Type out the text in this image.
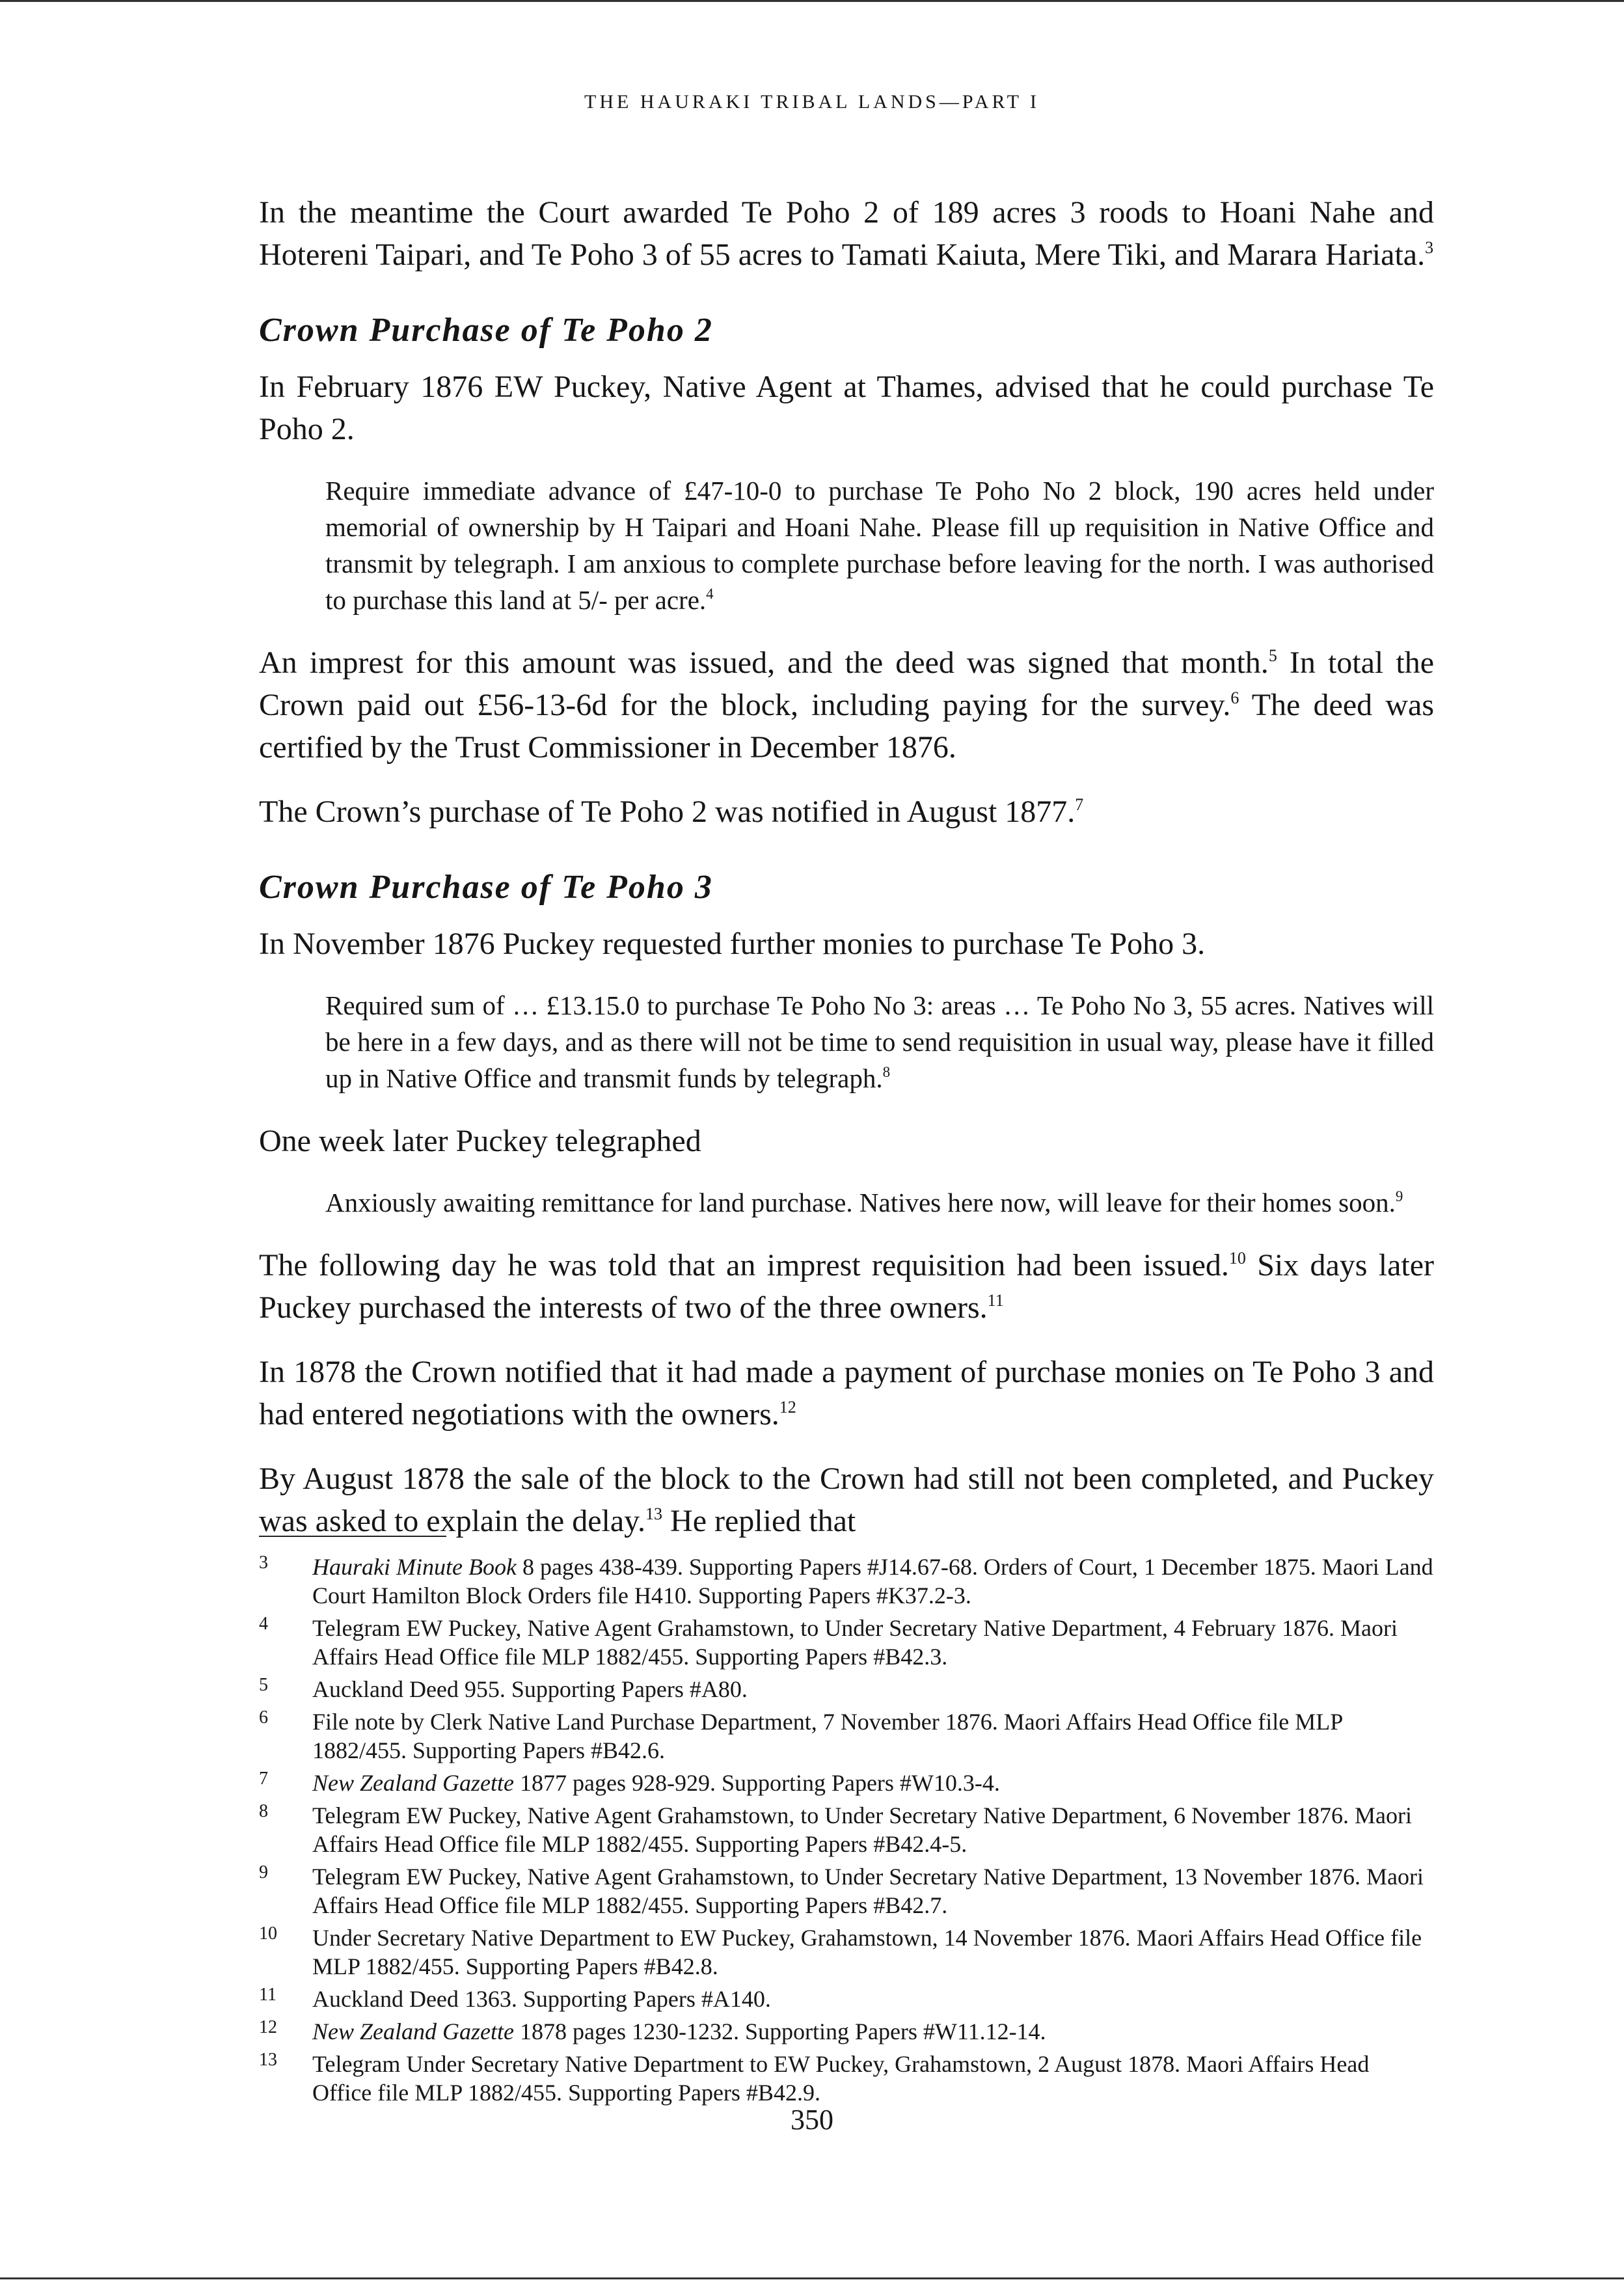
THE HAURAKI TRIBAL LANDS—PART I

In the meantime the Court awarded Te Poho 2 of 189 acres 3 roods to Hoani Nahe and Hotereni Taipari, and Te Poho 3 of 55 acres to Tamati Kaiuta, Mere Tiki, and Marara Hariata.$^3$

Crown Purchase of Te Poho 2

In February 1876 EW Puckey, Native Agent at Thames, advised that he could purchase Te Poho 2.

Require immediate advance of £47-10-0 to purchase Te Poho No 2 block, 190 acres held under memorial of ownership by H Taipari and Hoani Nahe. Please fill up requisition in Native Office and transmit by telegraph. I am anxious to complete purchase before leaving for the north. I was authorised to purchase this land at 5/- per acre.$^4$

An imprest for this amount was issued, and the deed was signed that month.$^5$ In total the Crown paid out £56-13-6d for the block, including paying for the survey.$^6$ The deed was certified by the Trust Commissioner in December 1876.

The Crown’s purchase of Te Poho 2 was notified in August 1877.$^7$

Crown Purchase of Te Poho 3

In November 1876 Puckey requested further monies to purchase Te Poho 3.

Required sum of … £13.15.0 to purchase Te Poho No 3: areas … Te Poho No 3, 55 acres. Natives will be here in a few days, and as there will not be time to send requisition in usual way, please have it filled up in Native Office and transmit funds by telegraph.$^8$

One week later Puckey telegraphed

Anxiously awaiting remittance for land purchase. Natives here now, will leave for their homes soon.$^9$

The following day he was told that an imprest requisition had been issued.$^{10}$ Six days later Puckey purchased the interests of two of the three owners.$^{11}$

In 1878 the Crown notified that it had made a payment of purchase monies on Te Poho 3 and had entered negotiations with the owners.$^{12}$

By August 1878 the sale of the block to the Crown had still not been completed, and Puckey was asked to explain the delay.$^{13}$ He replied that

3 Hauraki Minute Book 8 pages 438-439. Supporting Papers #J14.67-68. Orders of Court, 1 December 1875. Maori Land Court Hamilton Block Orders file H410. Supporting Papers #K37.2-3.
4 Telegram EW Puckey, Native Agent Grahamstown, to Under Secretary Native Department, 4 February 1876. Maori Affairs Head Office file MLP 1882/455. Supporting Papers #B42.3.
5 Auckland Deed 955. Supporting Papers #A80.
6 File note by Clerk Native Land Purchase Department, 7 November 1876. Maori Affairs Head Office file MLP 1882/455. Supporting Papers #B42.6.
7 New Zealand Gazette 1877 pages 928-929. Supporting Papers #W10.3-4.
8 Telegram EW Puckey, Native Agent Grahamstown, to Under Secretary Native Department, 6 November 1876. Maori Affairs Head Office file MLP 1882/455. Supporting Papers #B42.4-5.
9 Telegram EW Puckey, Native Agent Grahamstown, to Under Secretary Native Department, 13 November 1876. Maori Affairs Head Office file MLP 1882/455. Supporting Papers #B42.7.
10 Under Secretary Native Department to EW Puckey, Grahamstown, 14 November 1876. Maori Affairs Head Office file MLP 1882/455. Supporting Papers #B42.8.
11 Auckland Deed 1363. Supporting Papers #A140.
12 New Zealand Gazette 1878 pages 1230-1232. Supporting Papers #W11.12-14.
13 Telegram Under Secretary Native Department to EW Puckey, Grahamstown, 2 August 1878. Maori Affairs Head Office file MLP 1882/455. Supporting Papers #B42.9.

350
